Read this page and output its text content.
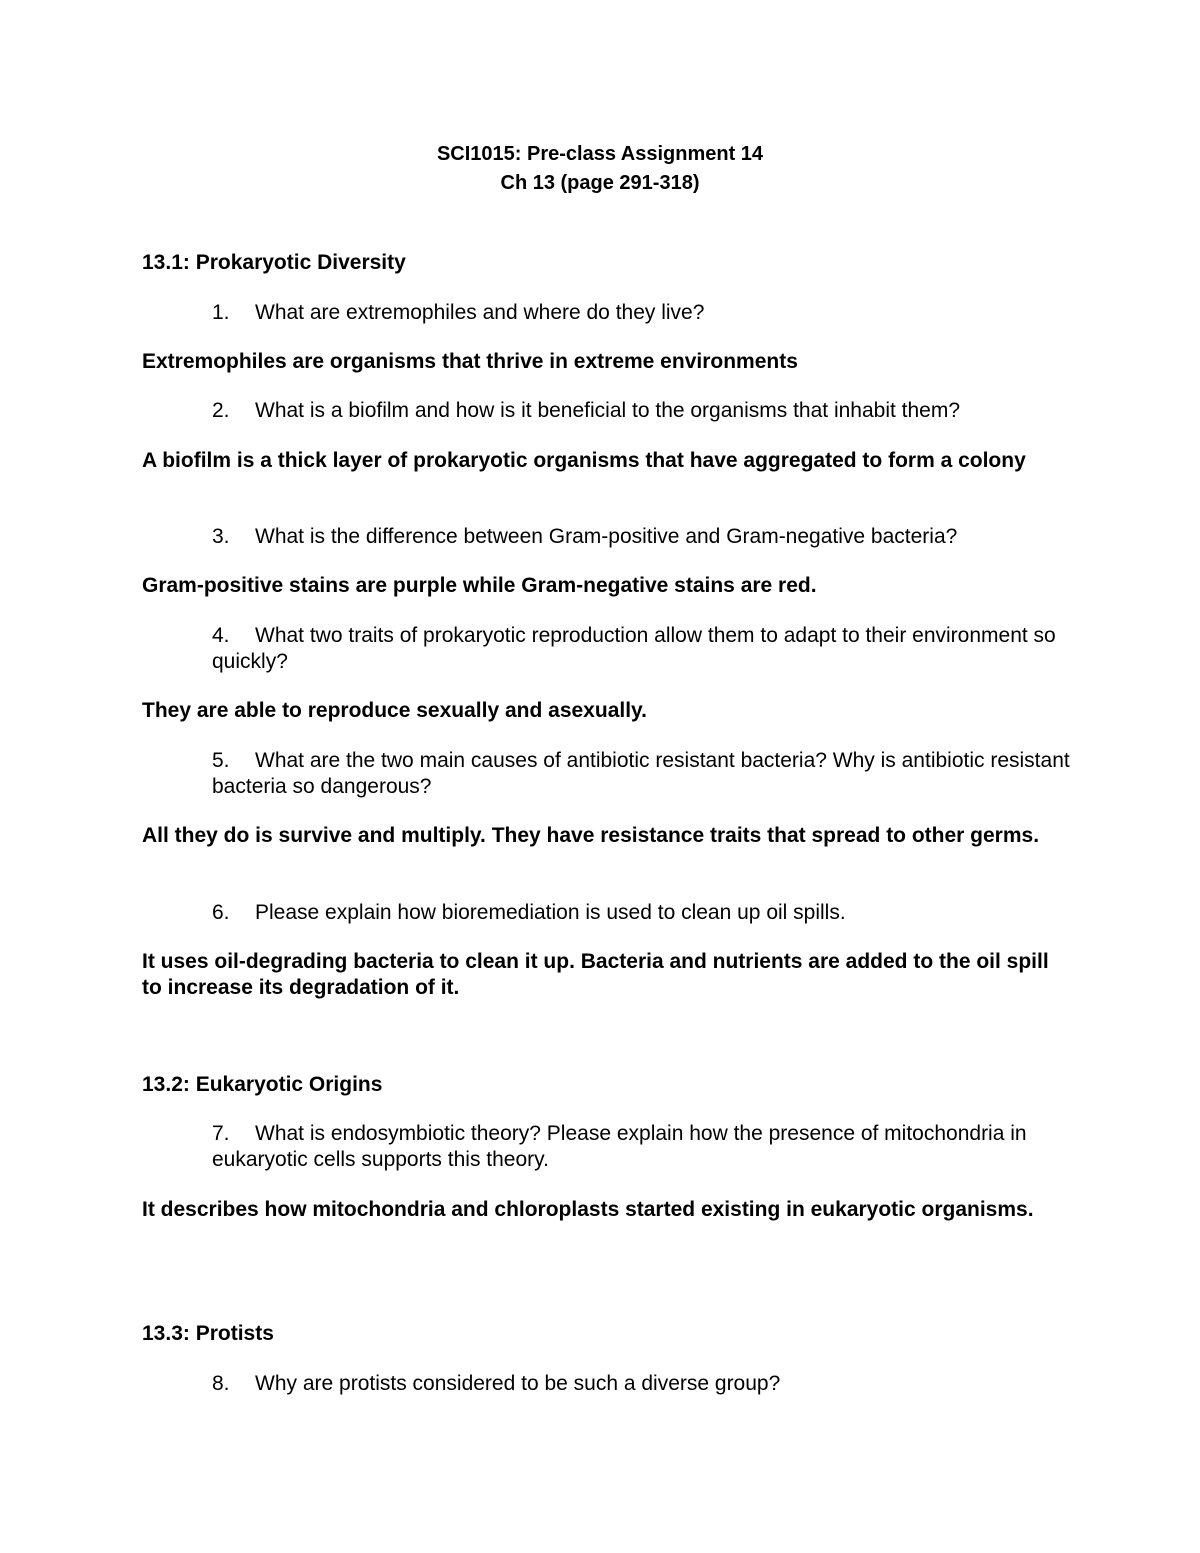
SCI1015: Pre-class Assignment 14
Ch 13 (page 291-318)
13.1: Prokaryotic Diversity
1. What are extremophiles and where do they live?
Extremophiles are organisms that thrive in extreme environments
2. What is a biofilm and how is it beneficial to the organisms that inhabit them?
A biofilm is a thick layer of prokaryotic organisms that have aggregated to form a colony
3. What is the difference between Gram-positive and Gram-negative bacteria?
Gram-positive stains are purple while Gram-negative stains are red.
4. What two traits of prokaryotic reproduction allow them to adapt to their environment so quickly?
They are able to reproduce sexually and asexually.
5. What are the two main causes of antibiotic resistant bacteria? Why is antibiotic resistant bacteria so dangerous?
All they do is survive and multiply. They have resistance traits that spread to other germs.
6. Please explain how bioremediation is used to clean up oil spills.
It uses oil-degrading bacteria to clean it up. Bacteria and nutrients are added to the oil spill to increase its degradation of it.
13.2: Eukaryotic Origins
7. What is endosymbiotic theory? Please explain how the presence of mitochondria in eukaryotic cells supports this theory.
It describes how mitochondria and chloroplasts started existing in eukaryotic organisms.
13.3: Protists
8. Why are protists considered to be such a diverse group?
